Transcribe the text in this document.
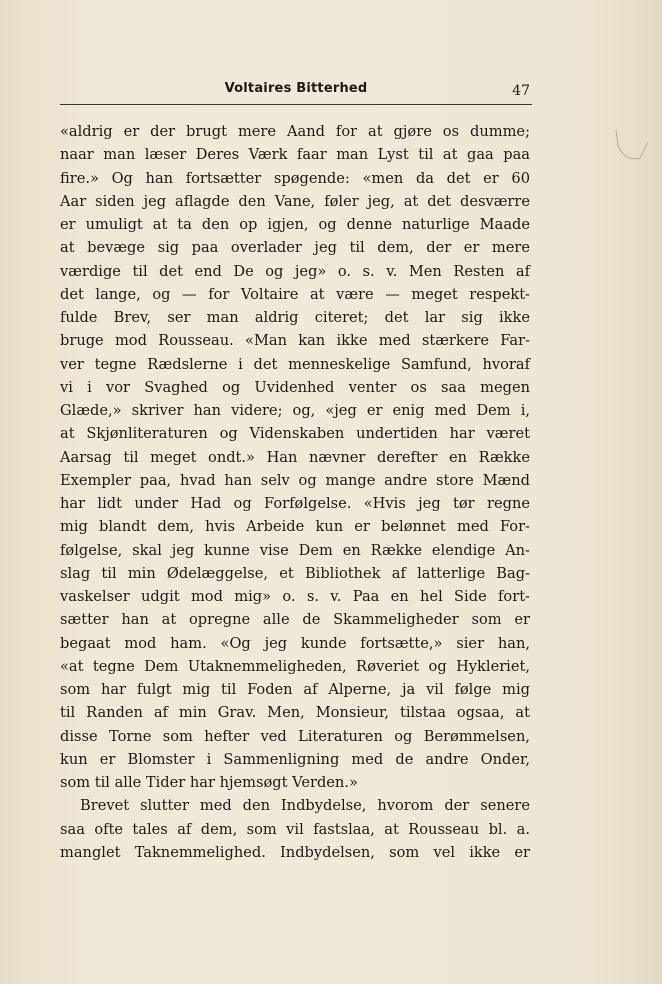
Voltaires Bitterhed	47
«aldrig er der brugt mere Aand for at gjøre os dumme;
naar man læser Deres Værk faar man Lyst til at gaa paa
fire.» Og han fortsætter spøgende: «men da det er 60
Aar siden jeg aflagde den Vane, føler jeg, at det desværre
er umuligt at ta den op igjen, og denne naturlige Maade
at bevæge sig paa overlader jeg til dem, der er mere
værdige til det end De og jeg» o. s. v. Men Resten af
det lange, og — for Voltaire at være — meget respekt-
fulde Brev, ser man aldrig citeret; det lar sig ikke
bruge mod Rousseau. «Man kan ikke med stærkere Far-
ver tegne Rædslerne i det menneskelige Samfund, hvoraf
vi i vor Svaghed og Uvidenhed venter os saa megen
Glæde,» skriver han videre; og, «jeg er enig med Dem i,
at Skjønliteraturen og Videnskaben undertiden har været
Aarsag til meget ondt.» Han nævner derefter en Række
Exempler paa, hvad han selv og mange andre store Mænd
har lidt under Had og Forfølgelse. «Hvis jeg tør regne
mig blandt dem, hvis Arbeide kun er belønnet med For-
følgelse, skal jeg kunne vise Dem en Række elendige An-
slag til min Ødelæggelse, et Bibliothek af latterlige Bag-
vaskelser udgit mod mig» o. s. v. Paa en hel Side fort-
sætter han at opregne alle de Skammeligheder som er
begaat mod ham. «Og jeg kunde fortsætte,» sier han,
«at tegne Dem Utaknemmeligheden, Røveriet og Hykleriet,
som har fulgt mig til Foden af Alperne, ja vil følge mig
til Randen af min Grav. Men, Monsieur, tilstaa ogsaa, at
disse Torne som hefter ved Literaturen og Berømmelsen,
kun er Blomster i Sammenligning med de andre Onder,
som til alle Tider har hjemsøgt Verden.»
Brevet slutter med den Indbydelse, hvorom der senere
saa ofte tales af dem, som vil fastslaa, at Rousseau bl. a.
manglet Taknemmelighed. Indbydelsen, som vel ikke er
